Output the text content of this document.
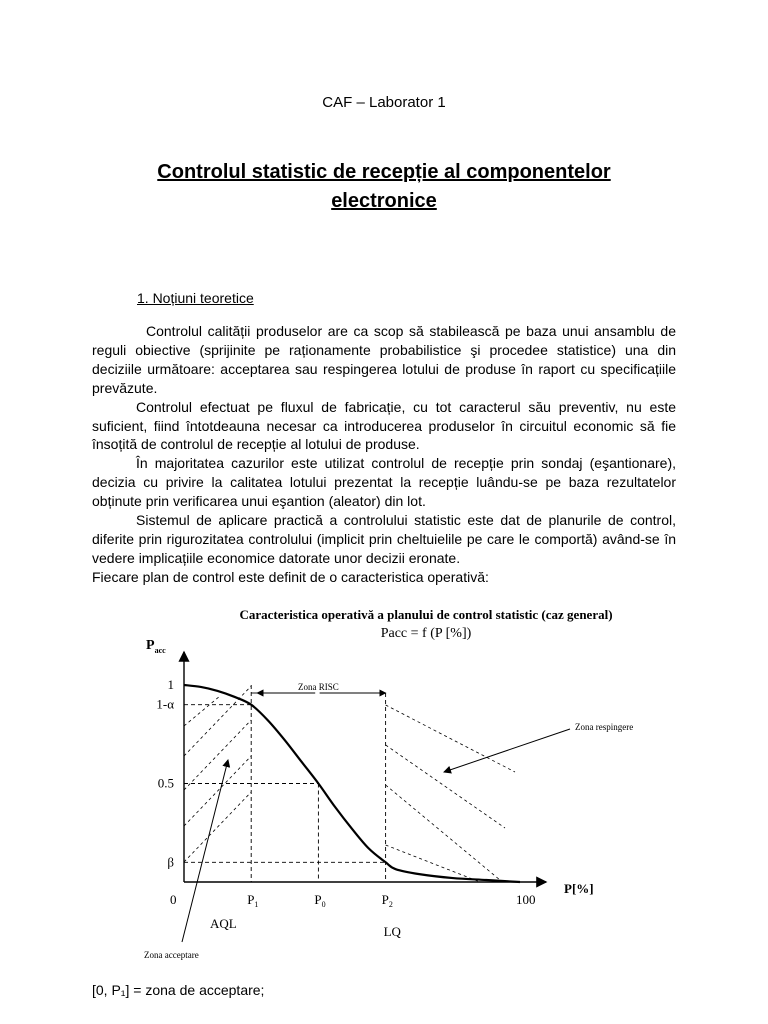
CAF – Laborator 1
Controlul statistic de recepție al componentelor
electronice
1. Noțiuni teoretice

Controlul calității produselor are ca scop să stabilească pe baza unui ansamblu de reguli obiective (sprijinite pe raționamente probabilistice şi procedee statistice) una din deciziile următoare: acceptarea sau respingerea lotului de produse în raport cu specificațiile prevăzute.

Controlul efectuat pe fluxul de fabricație, cu tot caracterul său preventiv, nu este suficient, fiind întotdeauna necesar ca introducerea produselor în circuitul economic să fie însoțită de controlul de recepție al lotului de produse.

În majoritatea cazurilor este utilizat controlul de recepție prin sondaj (eşantionare), decizia cu privire la calitatea lotului prezentat la recepție luându-se pe baza rezultatelor obținute prin verificarea unui eşantion (aleator) din lot.

Sistemul de aplicare practică a controlului statistic este dat de planurile de control, diferite prin rigurozitatea controlului (implicit prin cheltuielile pe care le comportă) având-se în vedere implicațiile economice datorate unor decizii eronate.

Fiecare plan de control este definit de o caracteristica operativă:

Caracteristica operativă a planului de control statistic (caz general)
Pacc = f (P [%])
$P_{acc}$
P[%]
0	$P_1$	$P_0$	$P_2$	100
1
1-α
0.5
β
Zona RISC
Zona respingere
Zona acceptare
AQL
LQ
[0, P₁] = zona de acceptare;
